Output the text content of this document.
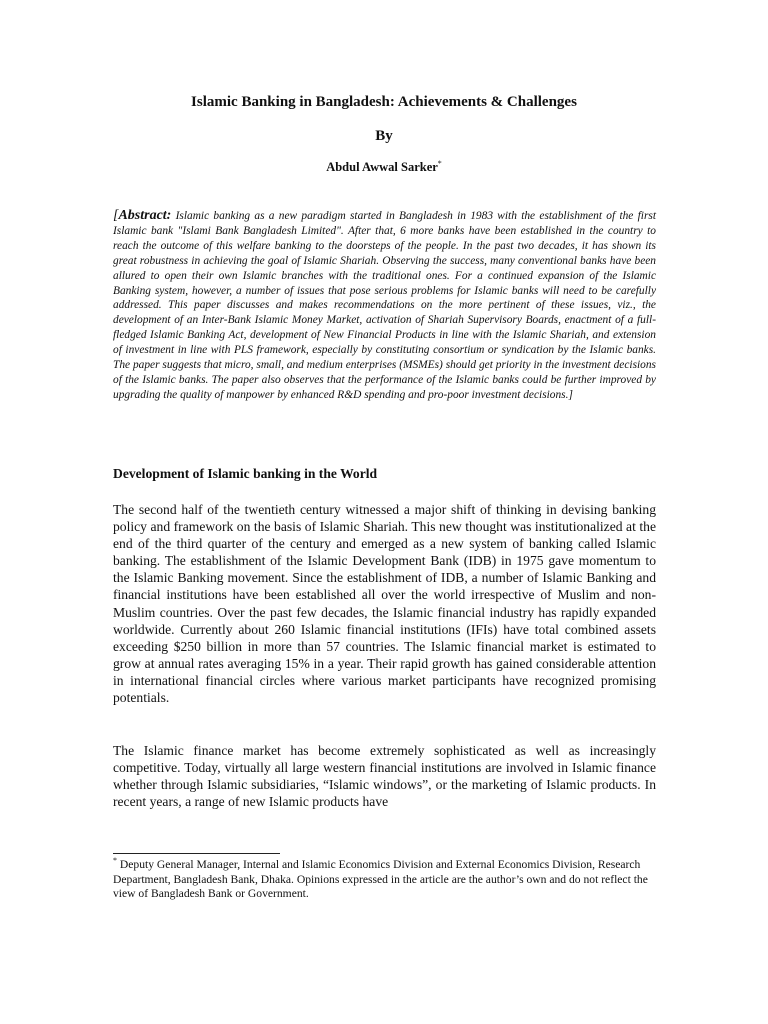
Islamic Banking in Bangladesh: Achievements & Challenges
By
Abdul Awwal Sarker*

[Abstract: Islamic banking as a new paradigm started in Bangladesh in 1983 with the establishment of the first Islamic bank "Islami Bank Bangladesh Limited". After that, 6 more banks have been established in the country to reach the outcome of this welfare banking to the doorsteps of the people. In the past two decades, it has shown its great robustness in achieving the goal of Islamic Shariah. Observing the success, many conventional banks have been allured to open their own Islamic branches with the traditional ones. For a continued expansion of the Islamic Banking system, however, a number of issues that pose serious problems for Islamic banks will need to be carefully addressed. This paper discusses and makes recommendations on the more pertinent of these issues, viz., the development of an Inter-Bank Islamic Money Market, activation of Shariah Supervisory Boards, enactment of a full-fledged Islamic Banking Act, development of New Financial Products in line with the Islamic Shariah, and extension of investment in line with PLS framework, especially by constituting consortium or syndication by the Islamic banks. The paper suggests that micro, small, and medium enterprises (MSMEs) should get priority in the investment decisions of the Islamic banks. The paper also observes that the performance of the Islamic banks could be further improved by upgrading the quality of manpower by enhanced R&D spending and pro-poor investment decisions.]

Development of Islamic banking in the World

The second half of the twentieth century witnessed a major shift of thinking in devising banking policy and framework on the basis of Islamic Shariah. This new thought was institutionalized at the end of the third quarter of the century and emerged as a new system of banking called Islamic banking. The establishment of the Islamic Development Bank (IDB) in 1975 gave momentum to the Islamic Banking movement. Since the establishment of IDB, a number of Islamic Banking and financial institutions have been established all over the world irrespective of Muslim and non-Muslim countries. Over the past few decades, the Islamic financial industry has rapidly expanded worldwide. Currently about 260 Islamic financial institutions (IFIs) have total combined assets exceeding $250 billion in more than 57 countries. The Islamic financial market is estimated to grow at annual rates averaging 15% in a year. Their rapid growth has gained considerable attention in international financial circles where various market participants have recognized promising potentials.

The Islamic finance market has become extremely sophisticated as well as increasingly competitive. Today, virtually all large western financial institutions are involved in Islamic finance whether through Islamic subsidiaries, “Islamic windows”, or the marketing of Islamic products. In recent years, a range of new Islamic products have

* Deputy General Manager, Internal and Islamic Economics Division and External Economics Division, Research Department, Bangladesh Bank, Dhaka. Opinions expressed in the article are the author’s own and do not reflect the view of Bangladesh Bank or Government.
